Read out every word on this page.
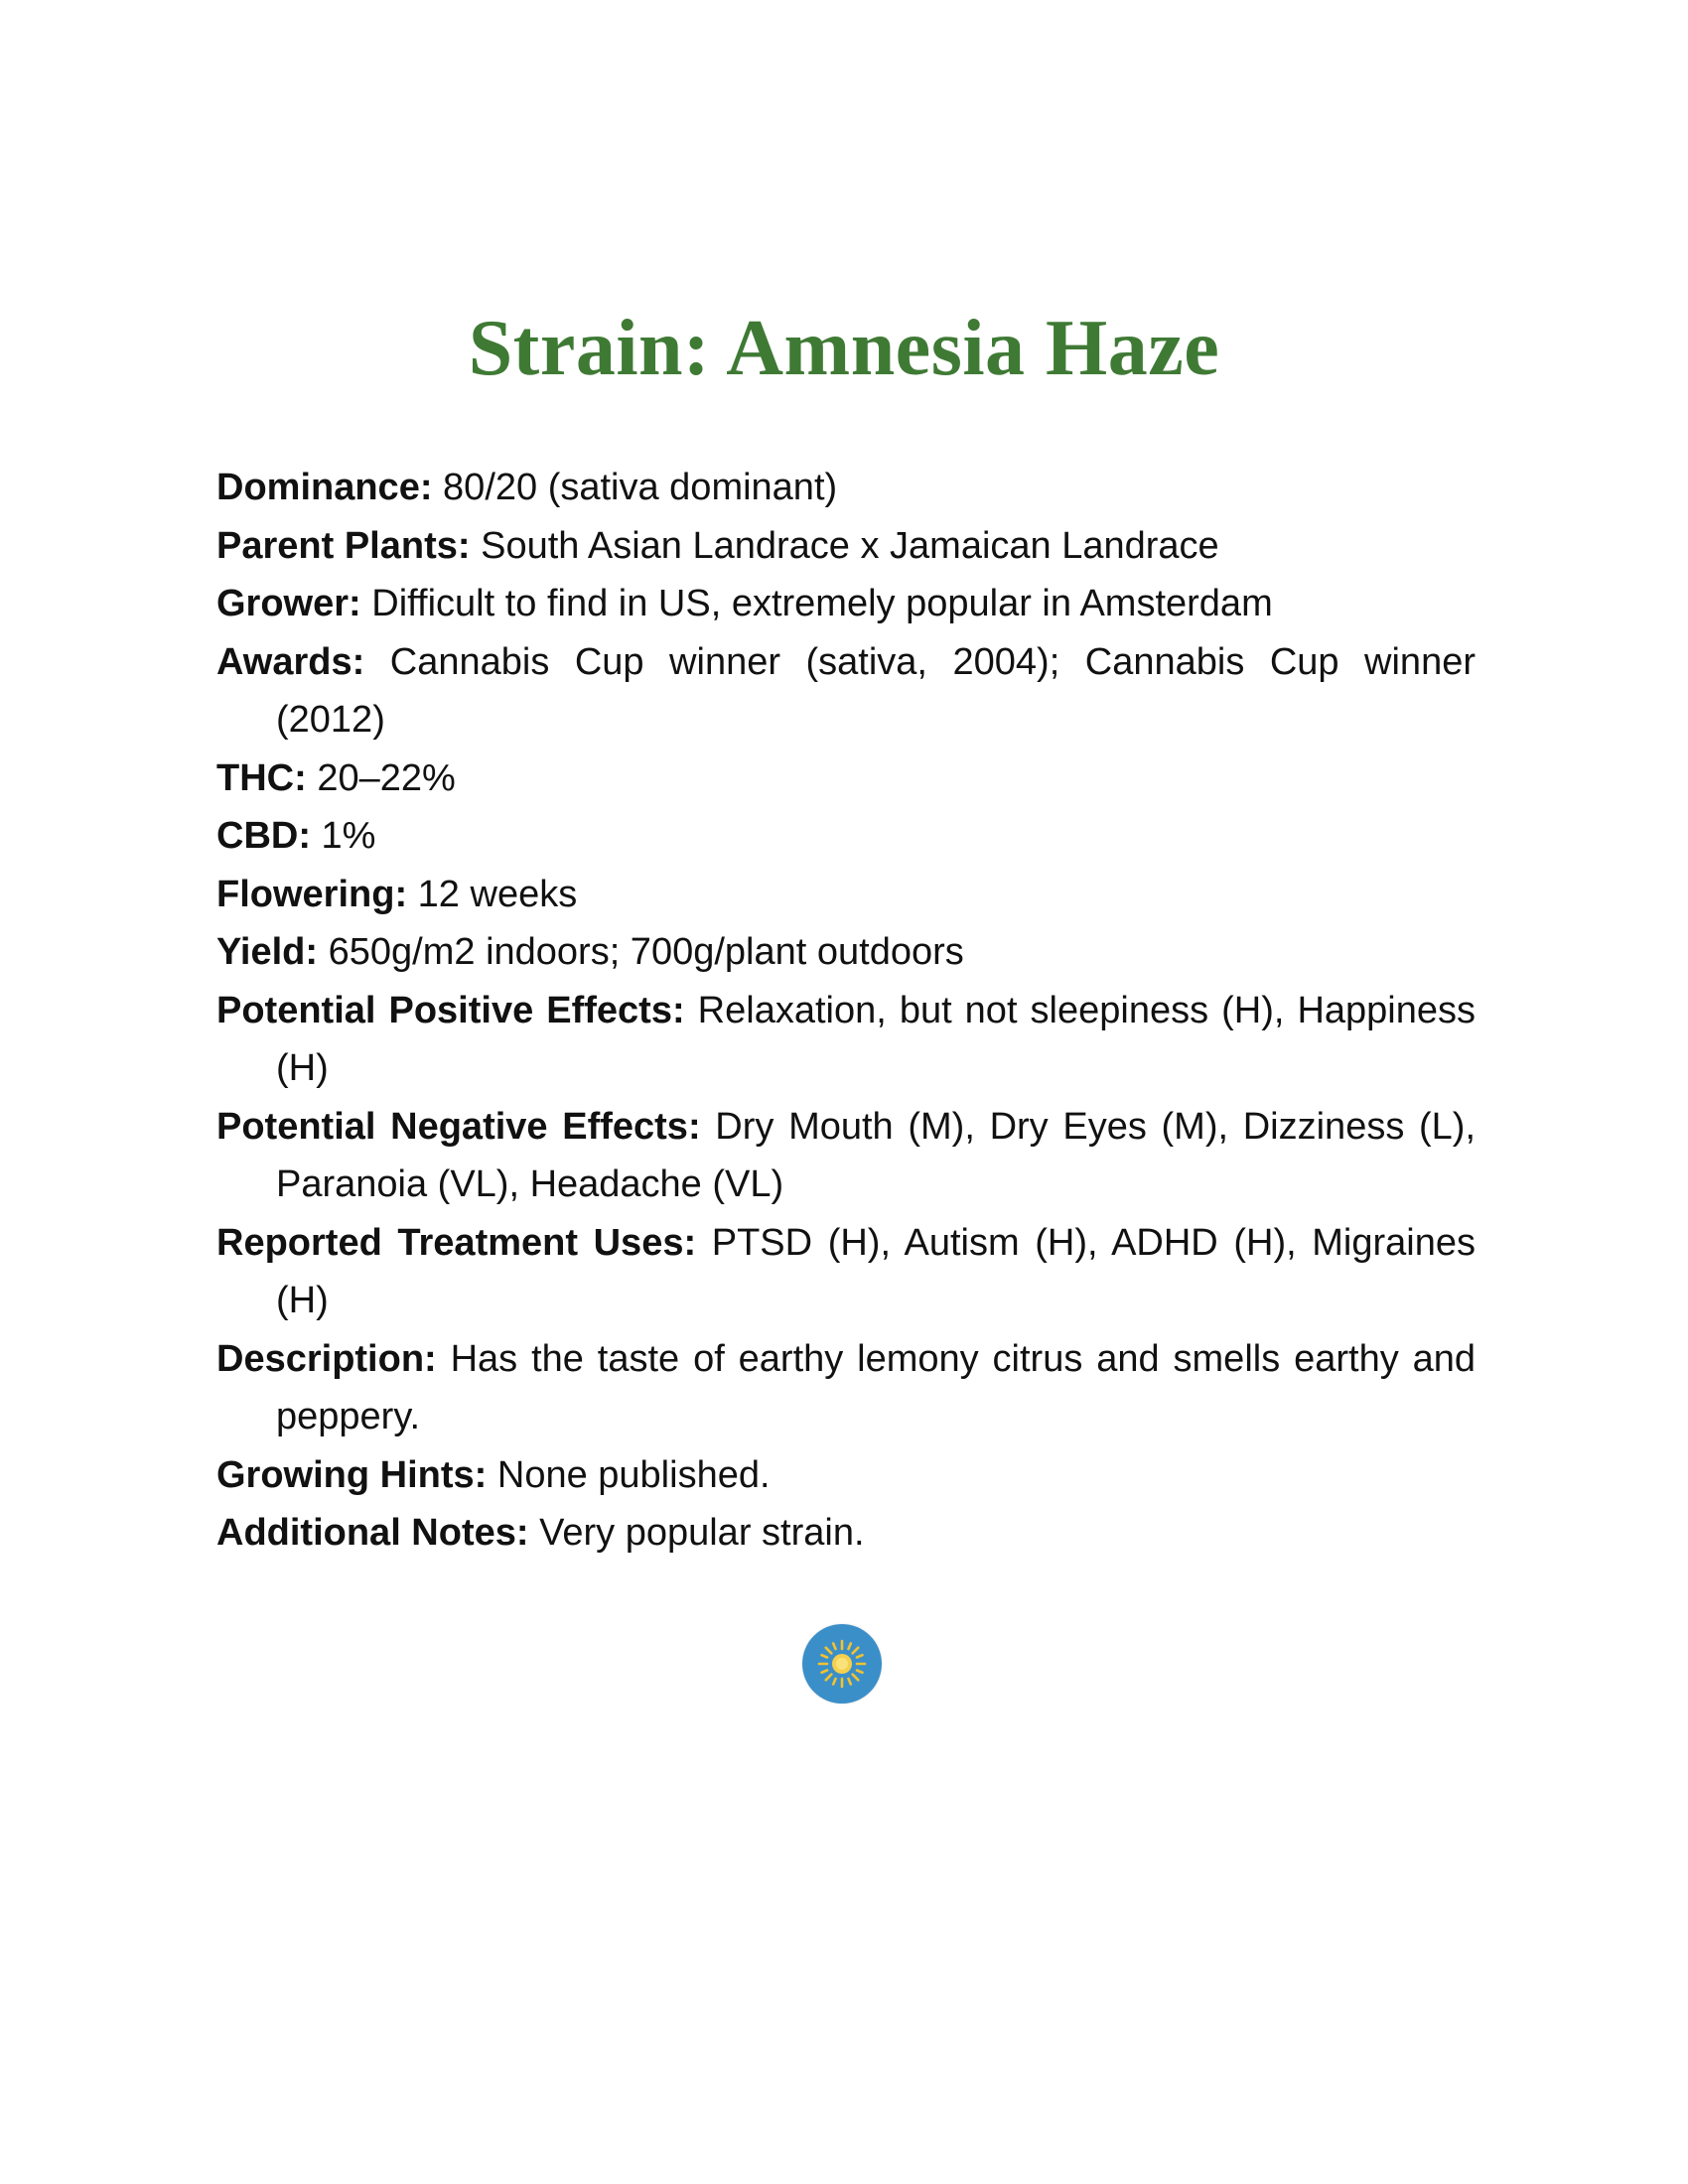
Strain: Amnesia Haze

Dominance: 80/20 (sativa dominant)

Parent Plants: South Asian Landrace x Jamaican Landrace

Grower: Difficult to find in US, extremely popular in Amsterdam

Awards: Cannabis Cup winner (sativa, 2004); Cannabis Cup winner (2012)

THC: 20–22%

CBD: 1%

Flowering: 12 weeks

Yield: 650g/m2 indoors; 700g/plant outdoors

Potential Positive Effects: Relaxation, but not sleepiness (H), Happiness (H)

Potential Negative Effects: Dry Mouth (M), Dry Eyes (M), Dizziness (L), Paranoia (VL), Headache (VL)

Reported Treatment Uses: PTSD (H), Autism (H), ADHD (H), Migraines (H)

Description: Has the taste of earthy lemony citrus and smells earthy and peppery.

Growing Hints: None published.

Additional Notes: Very popular strain.
